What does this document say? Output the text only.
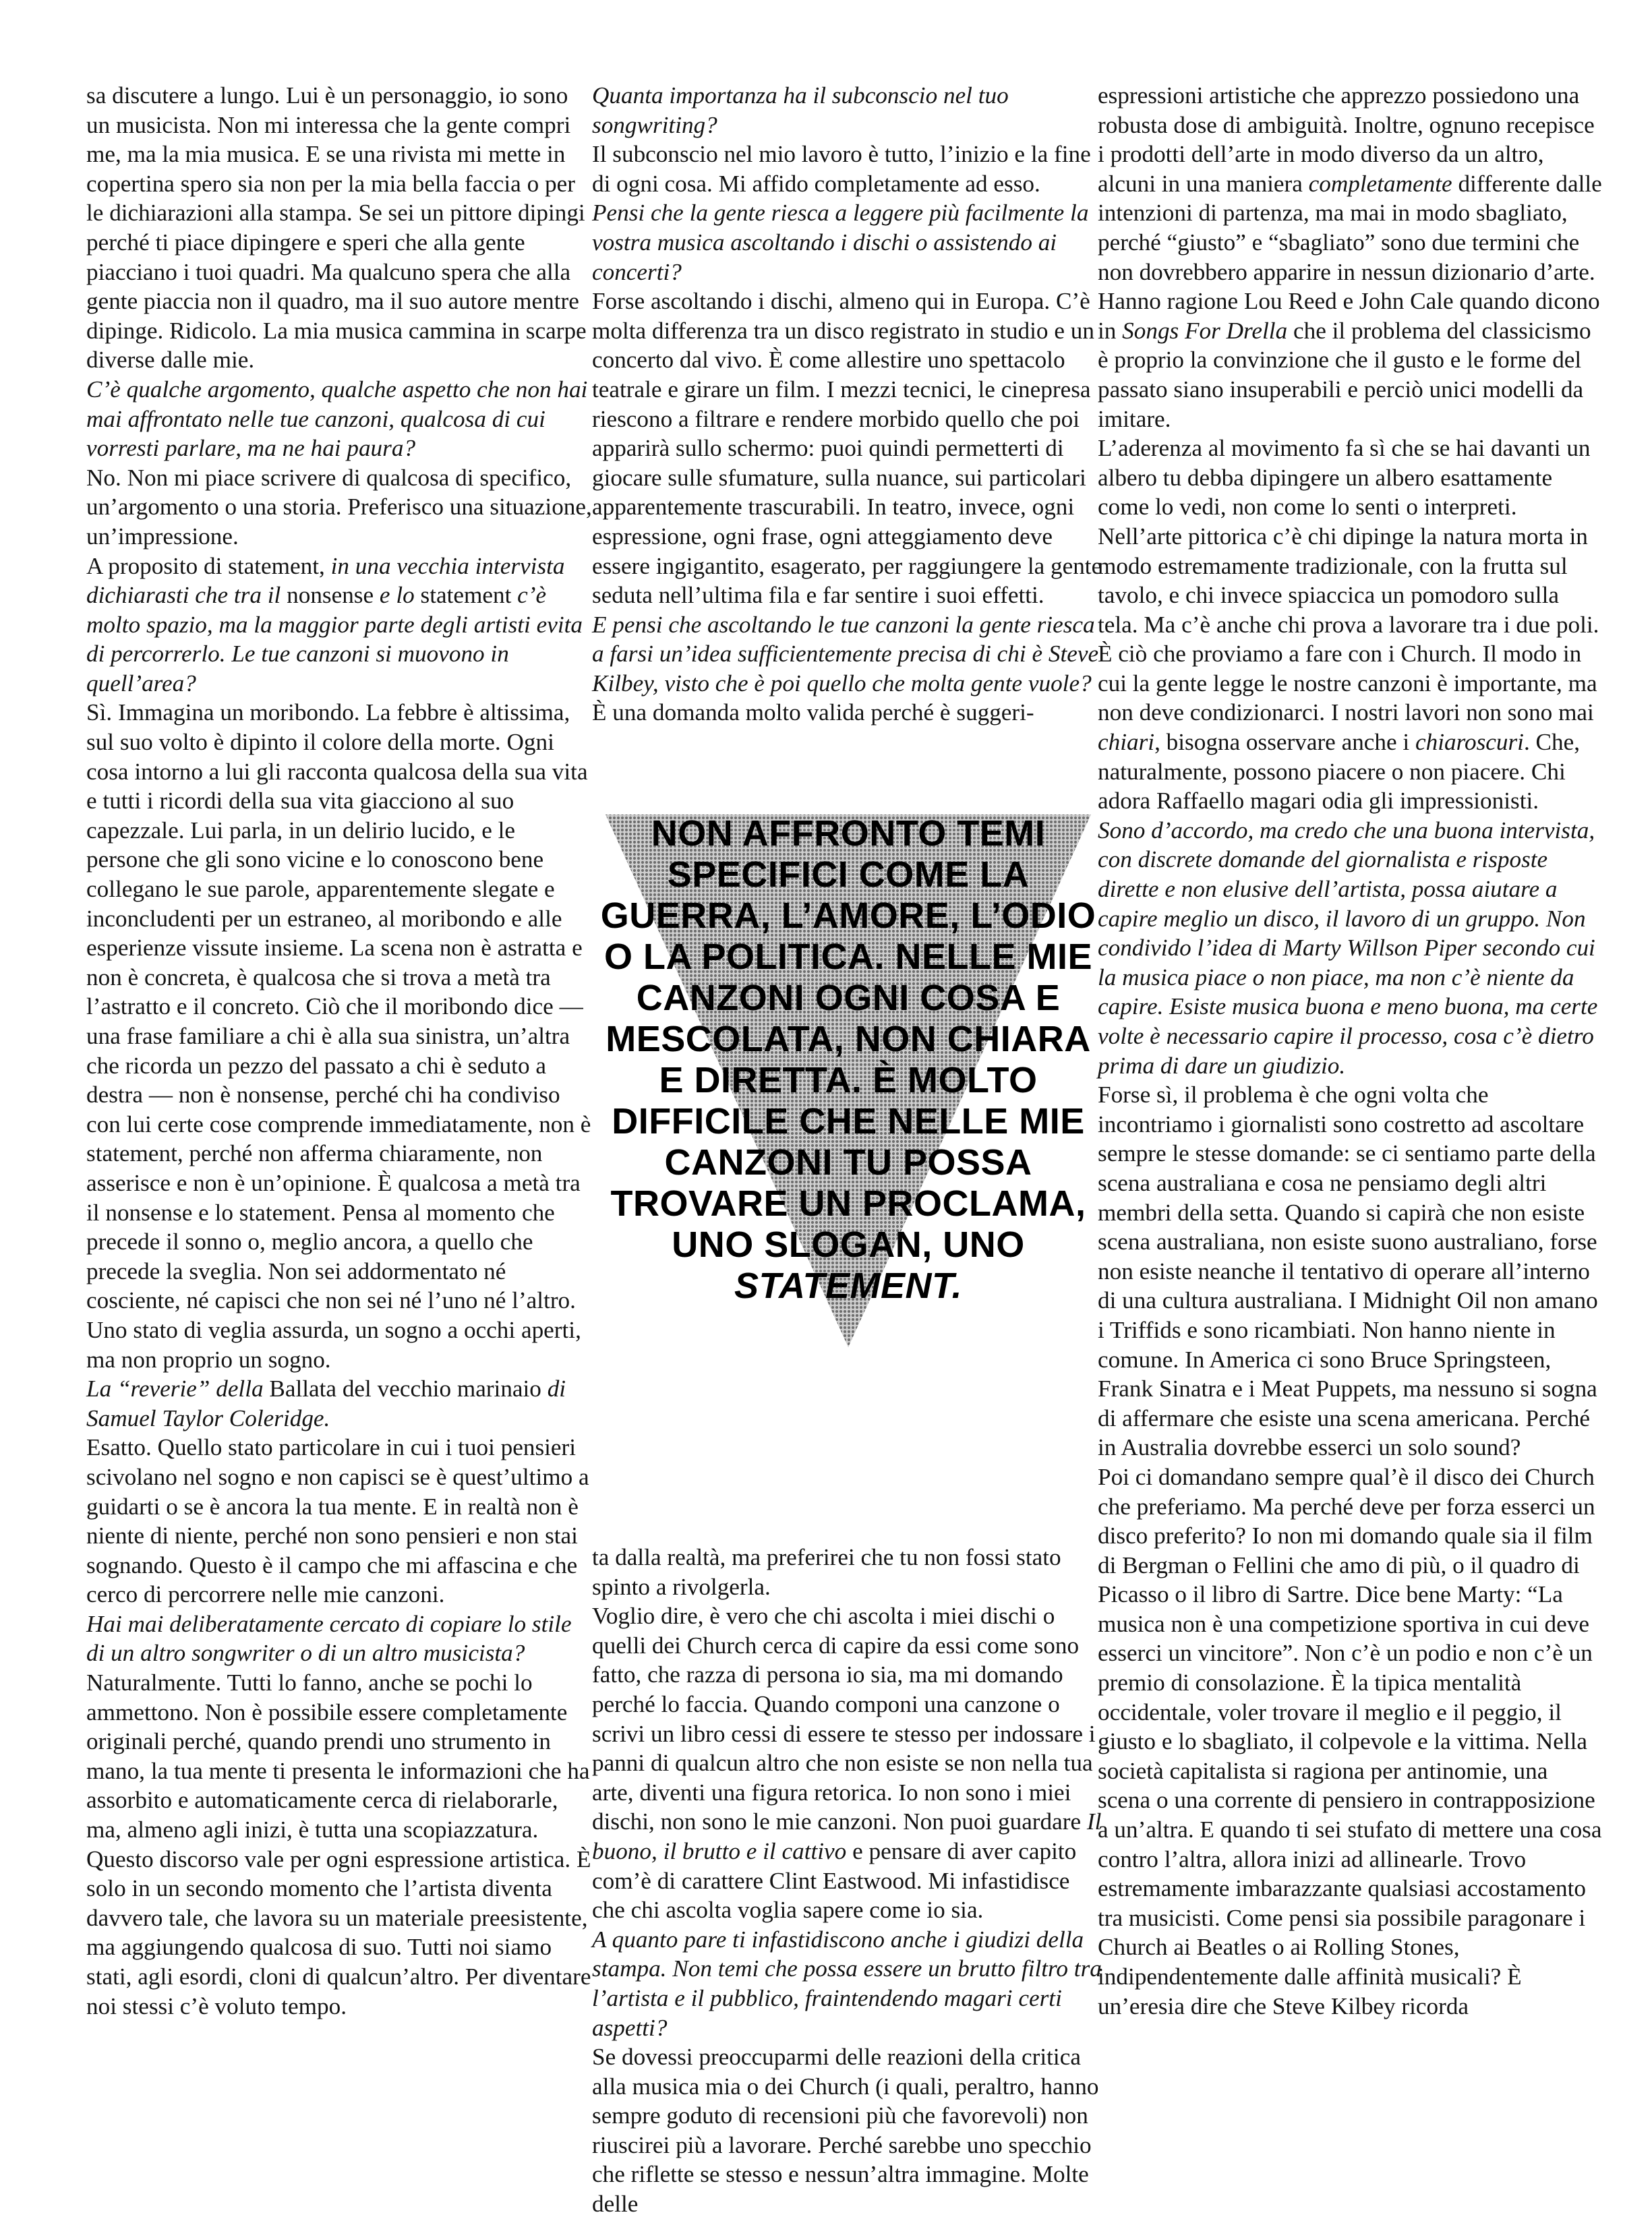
sa discutere a lungo. Lui è un personaggio, io sono un musicista. Non mi interessa che la gente compri me, ma la mia musica. E se una rivista mi mette in copertina spero sia non per la mia bella faccia o per le dichiarazioni alla stampa. Se sei un pittore dipingi perché ti piace dipingere e speri che alla gente piacciano i tuoi quadri. Ma qualcuno spera che alla gente piaccia non il quadro, ma il suo autore mentre dipinge. Ridicolo. La mia musica cammina in scarpe diverse dalle mie.
C’è qualche argomento, qualche aspetto che non hai mai affrontato nelle tue canzoni, qualcosa di cui vorresti parlare, ma ne hai paura?
No. Non mi piace scrivere di qualcosa di specifico, un’argomento o una storia. Preferisco una situazione, un’impressione.
A proposito di statement, in una vecchia intervista dichiarasti che tra il nonsense e lo statement c’è molto spazio, ma la maggior parte degli artisti evita di percorrerlo. Le tue canzoni si muovono in quell’area?
Sì. Immagina un moribondo. La febbre è altissima, sul suo volto è dipinto il colore della morte. Ogni cosa intorno a lui gli racconta qualcosa della sua vita e tutti i ricordi della sua vita giacciono al suo capezzale. Lui parla, in un delirio lucido, e le persone che gli sono vicine e lo conoscono bene collegano le sue parole, apparentemente slegate e inconcludenti per un estraneo, al moribondo e alle esperienze vissute insieme. La scena non è astratta e non è concreta, è qualcosa che si trova a metà tra l’astratto e il concreto. Ciò che il moribondo dice — una frase familiare a chi è alla sua sinistra, un’altra che ricorda un pezzo del passato a chi è seduto a destra — non è nonsense, perché chi ha condiviso con lui certe cose comprende immediatamente, non è statement, perché non afferma chiaramente, non asserisce e non è un’opinione. È qualcosa a metà tra il nonsense e lo statement. Pensa al momento che precede il sonno o, meglio ancora, a quello che precede la sveglia. Non sei addormentato né cosciente, né capisci che non sei né l’uno né l’altro. Uno stato di veglia assurda, un sogno a occhi aperti, ma non proprio un sogno.
La “reverie” della Ballata del vecchio marinaio di Samuel Taylor Coleridge.
Esatto. Quello stato particolare in cui i tuoi pensieri scivolano nel sogno e non capisci se è quest’ultimo a guidarti o se è ancora la tua mente. E in realtà non è niente di niente, perché non sono pensieri e non stai sognando. Questo è il campo che mi affascina e che cerco di percorrere nelle mie canzoni.
Hai mai deliberatamente cercato di copiare lo stile di un altro songwriter o di un altro musicista?
Naturalmente. Tutti lo fanno, anche se pochi lo ammettono. Non è possibile essere completamente originali perché, quando prendi uno strumento in mano, la tua mente ti presenta le informazioni che ha assorbito e automaticamente cerca di rielaborarle, ma, almeno agli inizi, è tutta una scopiazzatura. Questo discorso vale per ogni espressione artistica. È solo in un secondo momento che l’artista diventa davvero tale, che lavora su un materiale preesistente, ma aggiungendo qualcosa di suo. Tutti noi siamo stati, agli esordi, cloni di qualcun’altro. Per diventare noi stessi c’è voluto tempo.
Quanta importanza ha il subconscio nel tuo songwriting?
Il subconscio nel mio lavoro è tutto, l’inizio e la fine di ogni cosa. Mi affido completamente ad esso.
Pensi che la gente riesca a leggere più facilmente la vostra musica ascoltando i dischi o assistendo ai concerti?
Forse ascoltando i dischi, almeno qui in Europa. C’è molta differenza tra un disco registrato in studio e un concerto dal vivo. È come allestire uno spettacolo teatrale e girare un film. I mezzi tecnici, le cinepresa riescono a filtrare e rendere morbido quello che poi apparirà sullo schermo: puoi quindi permetterti di giocare sulle sfumature, sulla nuance, sui particolari apparentemente trascurabili. In teatro, invece, ogni espressione, ogni frase, ogni atteggiamento deve essere ingigantito, esagerato, per raggiungere la gente seduta nell’ultima fila e far sentire i suoi effetti.
E pensi che ascoltando le tue canzoni la gente riesca a farsi un’idea sufficientemente precisa di chi è Steve Kilbey, visto che è poi quello che molta gente vuole?
È una domanda molto valida perché è suggeri-
NON AFFRONTO TEMI SPECIFICI COME LA GUERRA, L’AMORE, L’ODIO O LA POLITICA. NELLE MIE CANZONI OGNI COSA E MESCOLATA, NON CHIARA E DIRETTA. È MOLTO DIFFICILE CHE NELLE MIE CANZONI TU POSSA TROVARE UN PROCLAMA, UNO SLOGAN, UNO
STATEMENT.
ta dalla realtà, ma preferirei che tu non fossi stato spinto a rivolgerla.
Voglio dire, è vero che chi ascolta i miei dischi o quelli dei Church cerca di capire da essi come sono fatto, che razza di persona io sia, ma mi domando perché lo faccia. Quando componi una canzone o scrivi un libro cessi di essere te stesso per indossare i panni di qualcun altro che non esiste se non nella tua arte, diventi una figura retorica. Io non sono i miei dischi, non sono le mie canzoni. Non puoi guardare Il buono, il brutto e il cattivo e pensare di aver capito com’è di carattere Clint Eastwood. Mi infastidisce che chi ascolta voglia sapere come io sia.
A quanto pare ti infastidiscono anche i giudizi della stampa. Non temi che possa essere un brutto filtro tra l’artista e il pubblico, fraintendendo magari certi aspetti?
Se dovessi preoccuparmi delle reazioni della critica alla musica mia o dei Church (i quali, peraltro, hanno sempre goduto di recensioni più che favorevoli) non riuscirei più a lavorare. Perché sarebbe uno specchio che riflette se stesso e nessun’altra immagine. Molte delle
espressioni artistiche che apprezzo possiedono una robusta dose di ambiguità. Inoltre, ognuno recepisce i prodotti dell’arte in modo diverso da un altro, alcuni in una maniera completamente differente dalle intenzioni di partenza, ma mai in modo sbagliato, perché “giusto” e “sbagliato” sono due termini che non dovrebbero apparire in nessun dizionario d’arte. Hanno ragione Lou Reed e John Cale quando dicono in Songs For Drella che il problema del classicismo è proprio la convinzione che il gusto e le forme del passato siano insuperabili e perciò unici modelli da imitare.
L’aderenza al movimento fa sì che se hai davanti un albero tu debba dipingere un albero esattamente come lo vedi, non come lo senti o interpreti. Nell’arte pittorica c’è chi dipinge la natura morta in modo estremamente tradizionale, con la frutta sul tavolo, e chi invece spiaccica un pomodoro sulla tela. Ma c’è anche chi prova a lavorare tra i due poli. È ciò che proviamo a fare con i Church. Il modo in cui la gente legge le nostre canzoni è importante, ma non deve condizionarci. I nostri lavori non sono mai chiari, bisogna osservare anche i chiaroscuri. Che, naturalmente, possono piacere o non piacere. Chi adora Raffaello magari odia gli impressionisti.
Sono d’accordo, ma credo che una buona intervista, con discrete domande del giornalista e risposte dirette e non elusive dell’artista, possa aiutare a capire meglio un disco, il lavoro di un gruppo. Non condivido l’idea di Marty Willson Piper secondo cui la musica piace o non piace, ma non c’è niente da capire. Esiste musica buona e meno buona, ma certe volte è necessario capire il processo, cosa c’è dietro prima di dare un giudizio.
Forse sì, il problema è che ogni volta che incontriamo i giornalisti sono costretto ad ascoltare sempre le stesse domande: se ci sentiamo parte della scena australiana e cosa ne pensiamo degli altri membri della setta. Quando si capirà che non esiste scena australiana, non esiste suono australiano, forse non esiste neanche il tentativo di operare all’interno di una cultura australiana. I Midnight Oil non amano i Triffids e sono ricambiati. Non hanno niente in comune. In America ci sono Bruce Springsteen, Frank Sinatra e i Meat Puppets, ma nessuno si sogna di affermare che esiste una scena americana. Perché in Australia dovrebbe esserci un solo sound?
Poi ci domandano sempre qual’è il disco dei Church che preferiamo. Ma perché deve per forza esserci un disco preferito? Io non mi domando quale sia il film di Bergman o Fellini che amo di più, o il quadro di Picasso o il libro di Sartre. Dice bene Marty: “La musica non è una competizione sportiva in cui deve esserci un vincitore”. Non c’è un podio e non c’è un premio di consolazione. È la tipica mentalità occidentale, voler trovare il meglio e il peggio, il giusto e lo sbagliato, il colpevole e la vittima. Nella società capitalista si ragiona per antinomie, una scena o una corrente di pensiero in contrapposizione a un’altra. E quando ti sei stufato di mettere una cosa contro l’altra, allora inizi ad allinearle. Trovo estremamente imbarazzante qualsiasi accostamento tra musicisti. Come pensi sia possibile paragonare i Church ai Beatles o ai Rolling Stones, indipendentemente dalle affinità musicali? È un’eresia dire che Steve Kilbey ricorda
